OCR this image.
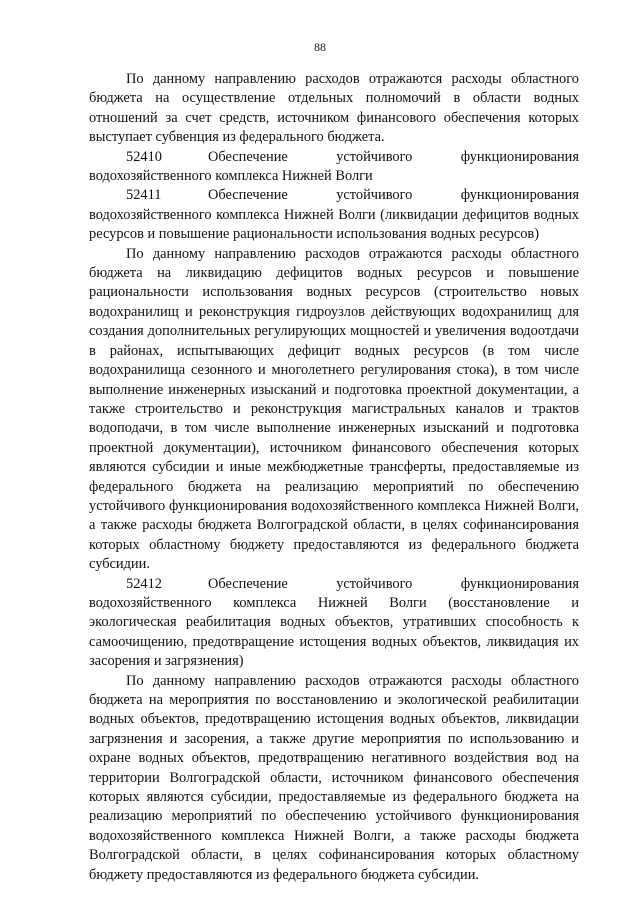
88

По данному направлению расходов отражаются расходы областного бюджета на осуществление отдельных полномочий в области водных отношений за счет средств, источником финансового обеспечения которых выступает субвенция из федерального бюджета.

52410	Обеспечение устойчивого функционирования водохозяйственного комплекса Нижней Волги

52411	Обеспечение устойчивого функционирования водохозяйственного комплекса Нижней Волги (ликвидации дефицитов водных ресурсов и повышение рациональности использования водных ресурсов)

По данному направлению расходов отражаются расходы областного бюджета на ликвидацию дефицитов водных ресурсов и повышение рациональности использования водных ресурсов (строительство новых водохранилищ и реконструкция гидроузлов действующих водохранилищ для создания дополнительных регулирующих мощностей и увеличения водоотдачи в районах, испытывающих дефицит водных ресурсов (в том числе водохранилища сезонного и многолетнего регулирования стока), в том числе выполнение инженерных изысканий и подготовка проектной документации, а также строительство и реконструкция магистральных каналов и трактов водоподачи, в том числе выполнение инженерных изысканий и подготовка проектной документации), источником финансового обеспечения которых являются субсидии и иные межбюджетные трансферты, предоставляемые из федерального бюджета на реализацию мероприятий по обеспечению устойчивого функционирования водохозяйственного комплекса Нижней Волги, а также расходы бюджета Волгоградской области, в целях софинансирования которых областному бюджету предоставляются из федерального бюджета субсидии.

52412	Обеспечение устойчивого функционирования водохозяйственного комплекса Нижней Волги (восстановление и экологическая реабилитация водных объектов, утративших способность к самоочищению, предотвращение истощения водных объектов, ликвидация их засорения и загрязнения)

По данному направлению расходов отражаются расходы областного бюджета на мероприятия по восстановлению и экологической реабилитации водных объектов, предотвращению истощения водных объектов, ликвидации загрязнения и засорения, а также другие мероприятия по использованию и охране водных объектов, предотвращению негативного воздействия вод на территории Волгоградской области, источником финансового обеспечения которых являются субсидии, предоставляемые из федерального бюджета на реализацию мероприятий по обеспечению устойчивого функционирования водохозяйственного комплекса Нижней Волги, а также расходы бюджета Волгоградской области, в целях софинансирования которых областному бюджету предоставляются из федерального бюджета субсидии.
